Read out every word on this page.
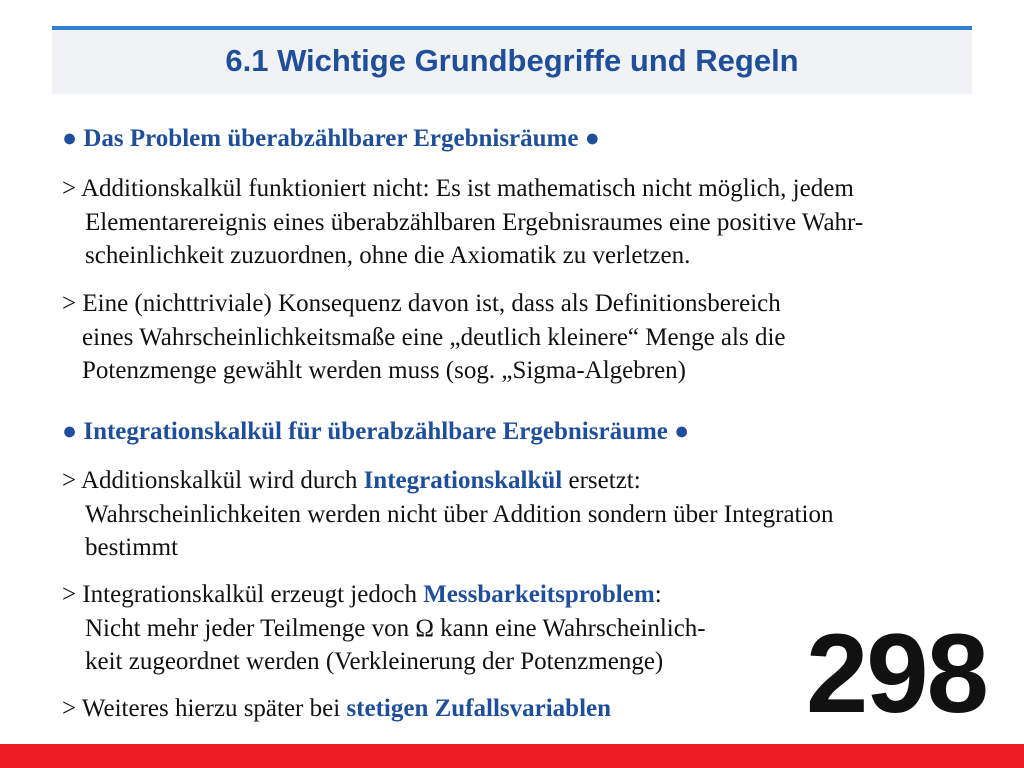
6.1 Wichtige Grundbegriffe und Regeln
● Das Problem überabzählbarer Ergebnisräume ●
> Additionskalkül funktioniert nicht: Es ist mathematisch nicht möglich, jedem
Elementarereignis eines überabzählbaren Ergebnisraumes eine positive Wahr-
scheinlichkeit zuzuordnen, ohne die Axiomatik zu verletzen.
> Eine (nichttriviale) Konsequenz davon ist, dass als Definitionsbereich
eines Wahrscheinlichkeitsmaße eine „deutlich kleinere“ Menge als die
Potenzmenge gewählt werden muss (sog. „Sigma-Algebren)
● Integrationskalkül für überabzählbare Ergebnisräume ●
> Additionskalkül wird durch Integrationskalkül ersetzt:
Wahrscheinlichkeiten werden nicht über Addition sondern über Integration
bestimmt
> Integrationskalkül erzeugt jedoch Messbarkeitsproblem:
Nicht mehr jeder Teilmenge von Ω kann eine Wahrscheinlich-
keit zugeordnet werden (Verkleinerung der Potenzmenge)
> Weiteres hierzu später bei stetigen Zufallsvariablen	298
